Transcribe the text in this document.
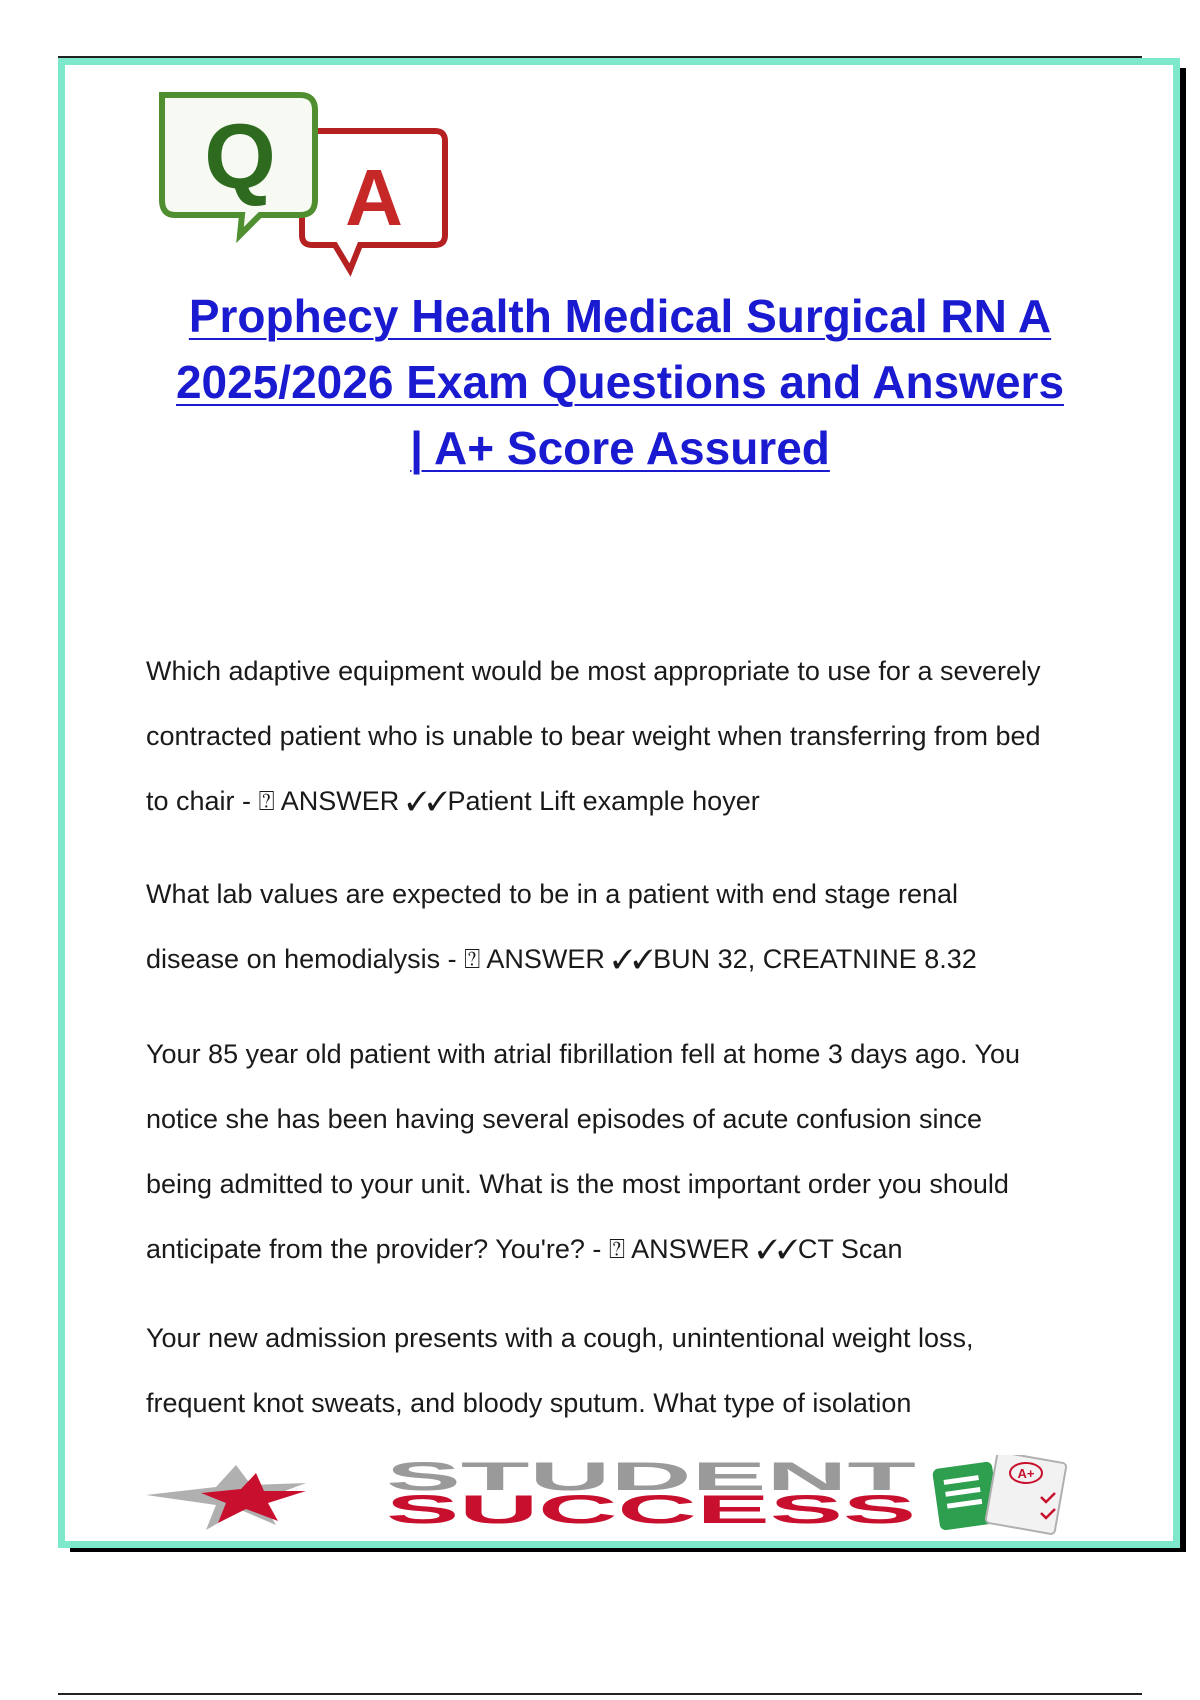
A
Q
Prophecy Health Medical Surgical RN A
2025/2026 Exam Questions and Answers
| A+ Score Assured
Which adaptive equipment would be most appropriate to use for a severely
contracted patient who is unable to bear weight when transferring from bed
to chair - ⍰ ANSWER ✓✓Patient Lift example hoyer
What lab values are expected to be in a patient with end stage renal
disease on hemodialysis - ⍰ ANSWER ✓✓BUN 32, CREATNINE 8.32
Your 85 year old patient with atrial fibrillation fell at home 3 days ago. You
notice she has been having several episodes of acute confusion since
being admitted to your unit. What is the most important order you should
anticipate from the provider? You're? - ⍰ ANSWER ✓✓CT Scan
Your new admission presents with a cough, unintentional weight loss,
frequent knot sweats, and bloody sputum. What type of isolation
STUDENT
SUCCESS
A+
